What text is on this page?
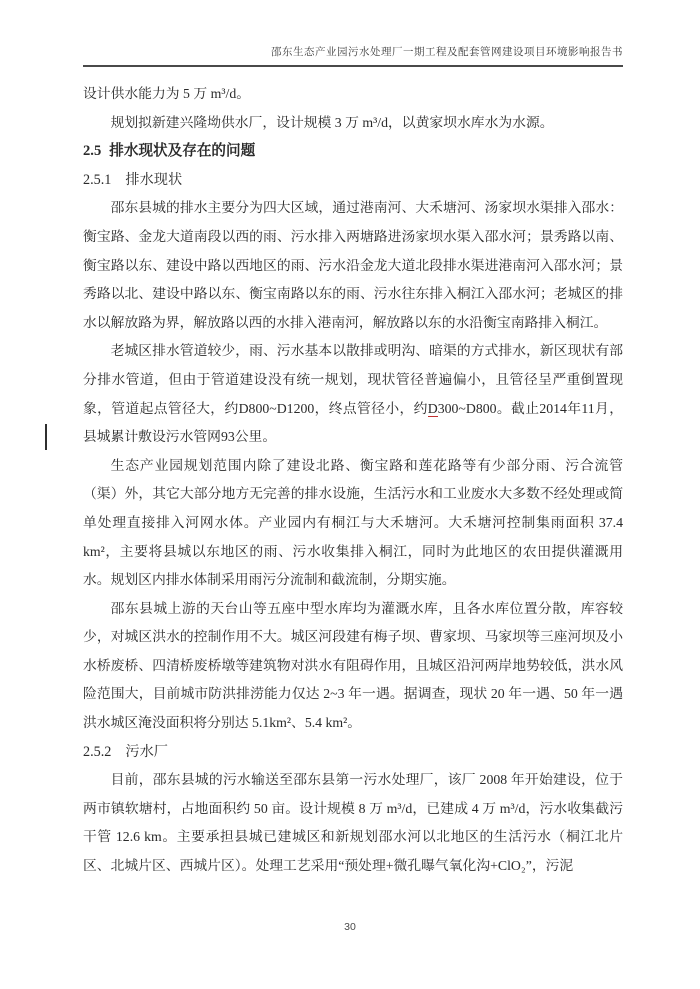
邵东生态产业园污水处理厂一期工程及配套管网建设项目环境影响报告书

设计供水能力为 5 万 m³/d。

规划拟新建兴隆坳供水厂，设计规模 3 万 m³/d，以黄家坝水库水为水源。

2.5 排水现状及存在的问题
2.5.1 排水现状

邵东县城的排水主要分为四大区域，通过港南河、大禾塘河、汤家坝水渠排入邵水：衡宝路、金龙大道南段以西的雨、污水排入两塘路进汤家坝水渠入邵水河；景秀路以南、衡宝路以东、建设中路以西地区的雨、污水沿金龙大道北段排水渠进港南河入邵水河；景秀路以北、建设中路以东、衡宝南路以东的雨、污水往东排入桐江入邵水河；老城区的排水以解放路为界，解放路以西的水排入港南河，解放路以东的水沿衡宝南路排入桐江。

老城区排水管道较少，雨、污水基本以散排或明沟、暗渠的方式排水，新区现状有部分排水管道，但由于管道建设没有统一规划，现状管径普遍偏小，且管径呈严重倒置现象，管道起点管径大，约D800~D1200，终点管径小，约D300~D800。截止2014年11月，县城累计敷设污水管网93公里。

生态产业园规划范围内除了建设北路、衡宝路和莲花路等有少部分雨、污合流管（渠）外，其它大部分地方无完善的排水设施，生活污水和工业废水大多数不经处理或简单处理直接排入河网水体。产业园内有桐江与大禾塘河。大禾塘河控制集雨面积 37.4 km²，主要将县城以东地区的雨、污水收集排入桐江，同时为此地区的农田提供灌溉用水。规划区内排水体制采用雨污分流制和截流制，分期实施。

邵东县城上游的天台山等五座中型水库均为灌溉水库，且各水库位置分散，库容较少，对城区洪水的控制作用不大。城区河段建有梅子坝、曹家坝、马家坝等三座河坝及小水桥废桥、四清桥废桥墩等建筑物对洪水有阻碍作用，且城区沿河两岸地势较低，洪水风险范围大，目前城市防洪排涝能力仅达 2~3 年一遇。据调查，现状 20 年一遇、50 年一遇洪水城区淹没面积将分别达 5.1km²、5.4 km²。

2.5.2 污水厂

目前，邵东县城的污水输送至邵东县第一污水处理厂，该厂 2008 年开始建设，位于两市镇软塘村，占地面积约 50 亩。设计规模 8 万 m³/d，已建成 4 万 m³/d，污水收集截污干管 12.6 km。主要承担县城已建城区和新规划邵水河以北地区的生活污水（桐江北片区、北城片区、西城片区）。处理工艺采用“预处理+微孔曝气氧化沟+ClO₂”，污泥

30
